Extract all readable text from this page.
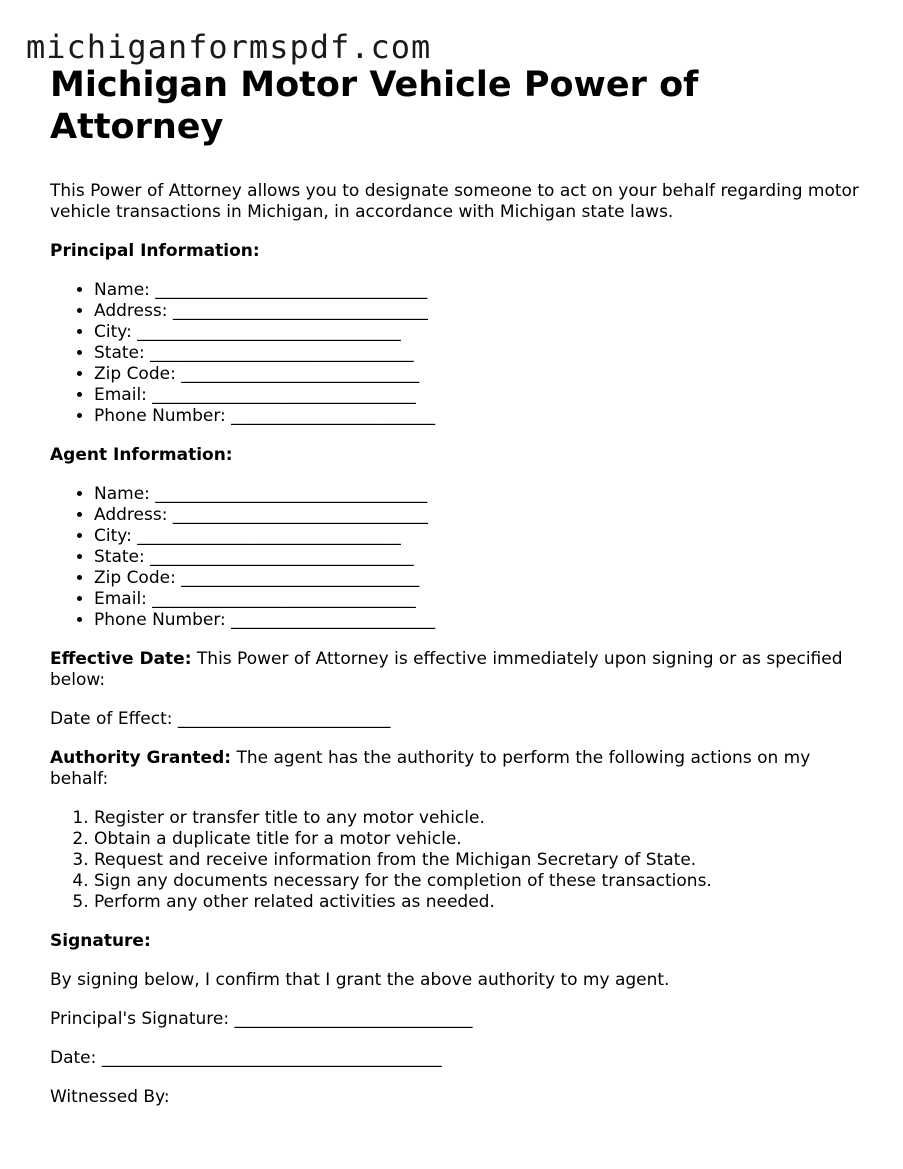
michiganformspdf.com
Michigan Motor Vehicle Power of Attorney

This Power of Attorney allows you to designate someone to act on your behalf regarding motor vehicle transactions in Michigan, in accordance with Michigan state laws.

Principal Information:

• Name: ________________________________
• Address: ______________________________
• City: _______________________________
• State: _______________________________
• Zip Code: ____________________________
• Email: _______________________________
• Phone Number: ________________________

Agent Information:

• Name: ________________________________
• Address: ______________________________
• City: _______________________________
• State: _______________________________
• Zip Code: ____________________________
• Email: _______________________________
• Phone Number: ________________________

Effective Date: This Power of Attorney is effective immediately upon signing or as specified below:

Date of Effect: _________________________

Authority Granted: The agent has the authority to perform the following actions on my behalf:

1. Register or transfer title to any motor vehicle.
2. Obtain a duplicate title for a motor vehicle.
3. Request and receive information from the Michigan Secretary of State.
4. Sign any documents necessary for the completion of these transactions.
5. Perform any other related activities as needed.

Signature:

By signing below, I confirm that I grant the above authority to my agent.

Principal's Signature: ____________________________

Date: ________________________________________

Witnessed By:
